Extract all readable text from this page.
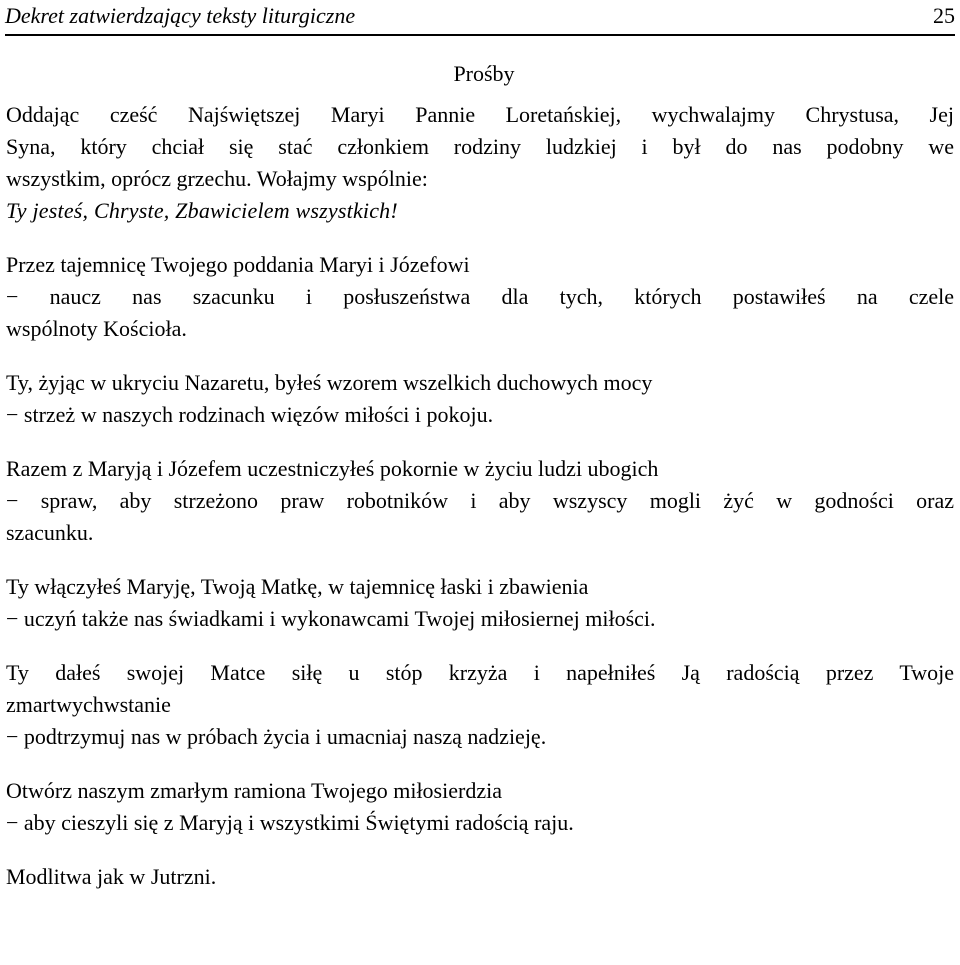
Dekret zatwierdzający teksty liturgiczne	25
Prośby
Oddając cześć Najświętszej Maryi Pannie Loretańskiej, wychwalajmy Chrystusa, Jej
Syna, który chciał się stać członkiem rodziny ludzkiej i był do nas podobny we
wszystkim, oprócz grzechu. Wołajmy wspólnie:
Ty jesteś, Chryste, Zbawicielem wszystkich!
Przez tajemnicę Twojego poddania Maryi i Józefowi
− naucz nas szacunku i posłuszeństwa dla tych, których postawiłeś na czele
wspólnoty Kościoła.
Ty, żyjąc w ukryciu Nazaretu, byłeś wzorem wszelkich duchowych mocy
− strzeż w naszych rodzinach więzów miłości i pokoju.
Razem z Maryją i Józefem uczestniczyłeś pokornie w życiu ludzi ubogich
− spraw, aby strzeżono praw robotników i aby wszyscy mogli żyć w godności oraz
szacunku.
Ty włączyłeś Maryję, Twoją Matkę, w tajemnicę łaski i zbawienia
− uczyń także nas świadkami i wykonawcami Twojej miłosiernej miłości.
Ty dałeś swojej Matce siłę u stóp krzyża i napełniłeś Ją radością przez Twoje
zmartwychwstanie
− podtrzymuj nas w próbach życia i umacniaj naszą nadzieję.
Otwórz naszym zmarłym ramiona Twojego miłosierdzia
− aby cieszyli się z Maryją i wszystkimi Świętymi radością raju.
Modlitwa jak w Jutrzni.
